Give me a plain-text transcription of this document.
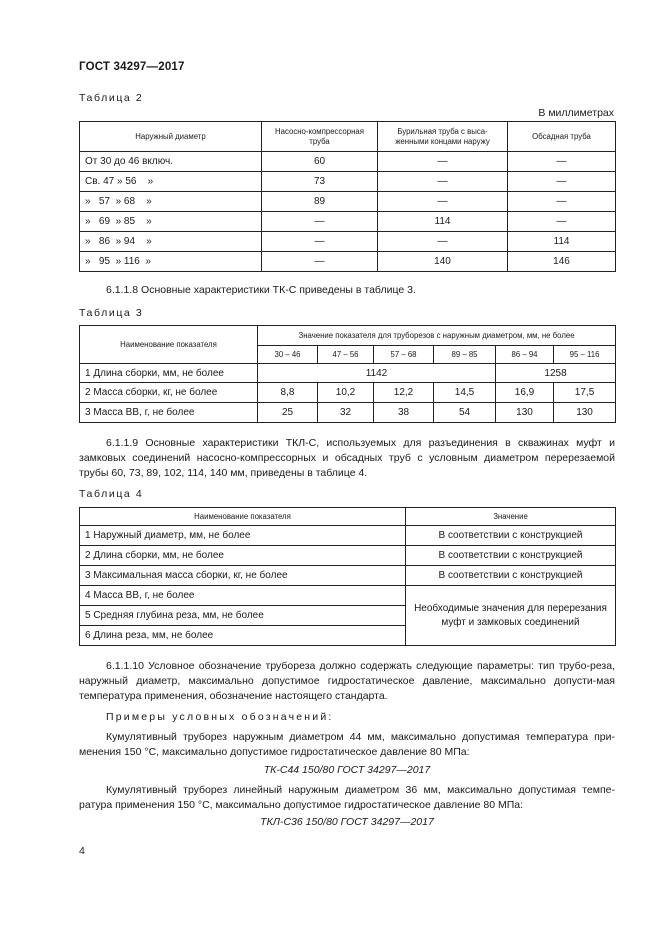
ГОСТ 34297—2017
Таблица 2
В миллиметрах
Наружный диаметр	Насосно-компрессорная труба	Бурильная труба с выса-женными концами наружу	Обсадная труба
От 30 до 46 включ.	60	—	—
Св. 47 » 56    »	73	—	—
»   57  » 68    »	89	—	—
»   69  » 85    »	—	114	—
»   86  » 94    »	—	—	114
»   95  » 116  »	—	140	146
6.1.1.8 Основные характеристики ТК-С приведены в таблице 3.
Таблица 3
Наименование показателя	Значение показателя для труборезов с наружным диаметром, мм, не более					
	30 – 46	47 – 56	57 – 68	89 – 85	86 – 94	95 – 116
1 Длина сборки, мм, не более	1142				1258	
2 Масса сборки, кг, не более	8,8	10,2	12,2	14,5	16,9	17,5
3 Масса ВВ, г, не более	25	32	38	54	130	130
6.1.1.9 Основные характеристики ТКЛ-С, используемых для разъединения в скважинах муфт и замковых соединений насосно-компрессорных и обсадных труб с условным диаметром перерезаемой трубы 60, 73, 89, 102, 114, 140 мм, приведены в таблице 4.
Таблица 4
Наименование показателя	Значение
1 Наружный диаметр, мм, не более	В соответствии с конструкцией
2 Длина сборки, мм, не более	В соответствии с конструкцией
3 Максимальная масса сборки, кг, не более	В соответствии с конструкцией
4 Масса ВВ, г, не более	Необходимые значения для перерезания муфт и замковых соединений
5 Средняя глубина реза, мм, не более	
6 Длина реза, мм, не более	
6.1.1.10 Условное обозначение трубореза должно содержать следующие параметры: тип трубо-реза, наружный диаметр, максимально допустимое гидростатическое давление, максимально допусти-мая температура применения, обозначение настоящего стандарта.
Примеры условных обозначений:
Кумулятивный труборез наружным диаметром 44 мм, максимально допустимая температура при-менения 150 °С, максимально допустимое гидростатическое давление 80 МПа:
ТК-С44 150/80 ГОСТ 34297—2017
Кумулятивный труборез линейный наружным диаметром 36 мм, максимально допустимая темпе-ратура применения 150 °С, максимально допустимое гидростатическое давление 80 МПа:
ТКЛ-С36 150/80 ГОСТ 34297—2017
4
